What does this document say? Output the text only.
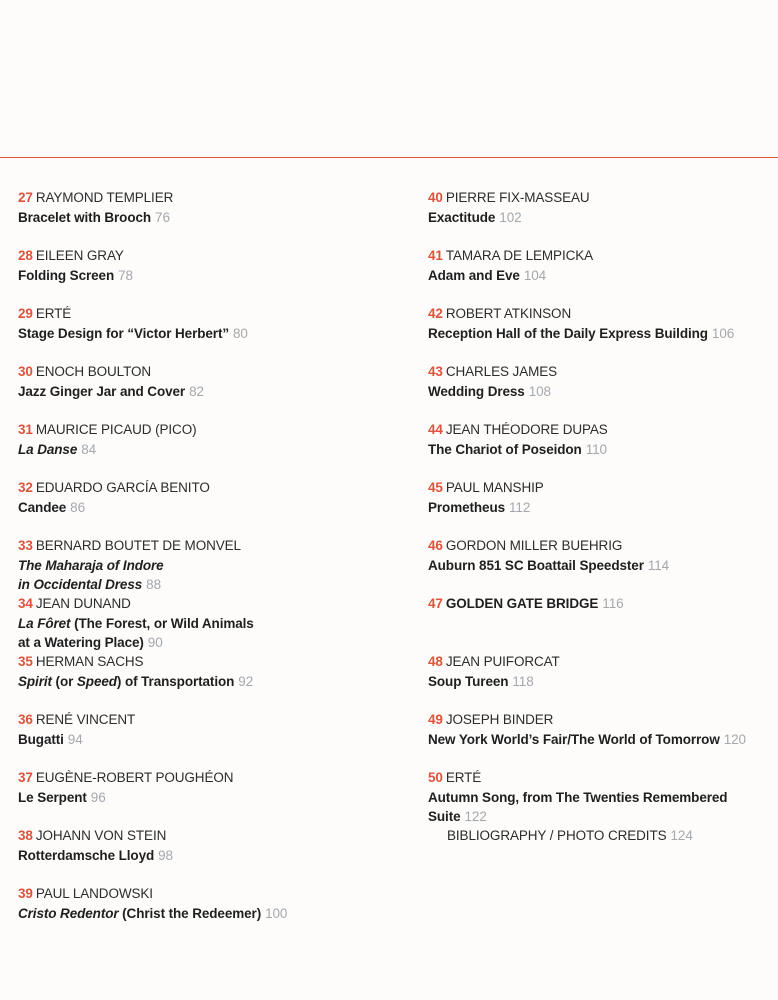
27 RAYMOND TEMPLIER
Bracelet with Brooch 76
28 EILEEN GRAY
Folding Screen 78
29 ERTÉ
Stage Design for “Victor Herbert” 80
30 ENOCH BOULTON
Jazz Ginger Jar and Cover 82
31 MAURICE PICAUD (PICO)
La Danse 84
32 EDUARDO GARCÍA BENITO
Candee 86
33 BERNARD BOUTET DE MONVEL
The Maharaja of Indore
in Occidental Dress 88
34 JEAN DUNAND
La Fôret (The Forest, or Wild Animals
at a Watering Place) 90
35 HERMAN SACHS
Spirit (or Speed) of Transportation 92
36 RENÉ VINCENT
Bugatti 94
37 EUGÈNE-ROBERT POUGHÉON
Le Serpent 96
38 JOHANN VON STEIN
Rotterdamsche Lloyd 98
39 PAUL LANDOWSKI
Cristo Redentor (Christ the Redeemer) 100
40 PIERRE FIX-MASSEAU
Exactitude 102
41 TAMARA DE LEMPICKA
Adam and Eve 104
42 ROBERT ATKINSON
Reception Hall of the Daily Express Building 106
43 CHARLES JAMES
Wedding Dress 108
44 JEAN THÉODORE DUPAS
The Chariot of Poseidon 110
45 PAUL MANSHIP
Prometheus 112
46 GORDON MILLER BUEHRIG
Auburn 851 SC Boattail Speedster 114
47 GOLDEN GATE BRIDGE 116
48 JEAN PUIFORCAT
Soup Tureen 118
49 JOSEPH BINDER
New York World’s Fair/The World of Tomorrow 120
50 ERTÉ
Autumn Song, from The Twenties Remembered
Suite 122
BIBLIOGRAPHY / PHOTO CREDITS 124
